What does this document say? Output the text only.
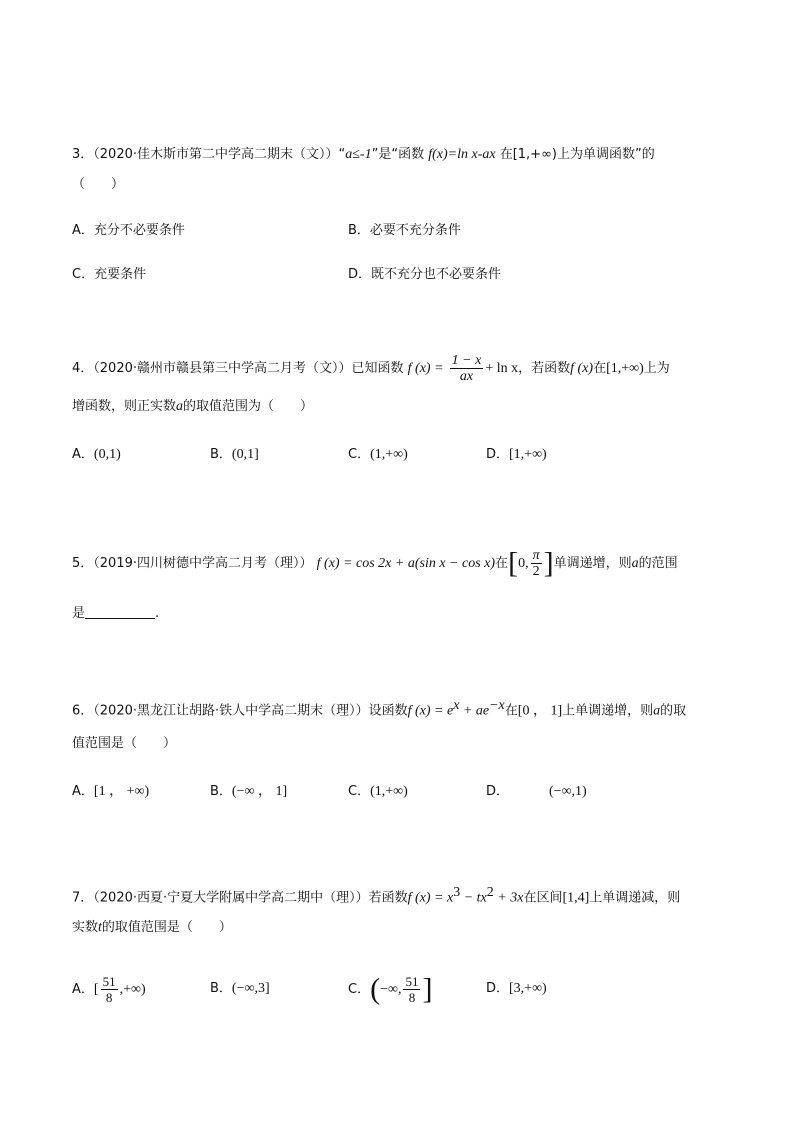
3．（2020·佳木斯市第二中学高二期末（文））“a≤-1”是“函数 f(x)=ln x-ax 在[1,+∞)上为单调函数”的
（　　）
A．充分不必要条件	B．必要不充分条件
C．充要条件	D．既不充分也不必要条件
4．（2020·赣州市赣县第三中学高二月考（文））已知函数 f $(x) = \frac{1 - x}{ax} + \ln x$，若函数f (x)在[1,+∞)上为
增函数，则正实数a的取值范围为（　　）
A．(0,1)	B．(0,1]	C．(1,+∞)	D．[1,+∞)
5．（2019·四川树德中学高二月考（理）） f (x) = cos 2x + a(sin x − cos x)在[0, $\frac{\pi}{2}$ ]单调递增，则a的范围
是	.
6．（2020·黑龙江让胡路·铁人中学高二期末（理））设函数f $(x) = e^x + ae^{-x}$在[0 ， 1]上单调递增，则a的取
值范围是（　　）
A．[1 ， +∞)	B．(−∞ ， 1]	C．(1,+∞)	D．	(−∞,1)
7．（2020·西夏·宁夏大学附属中学高二期中（理））若函数f $(x) = x^3 - tx^2 + 3x$在区间[1,4]上单调递减，则
实数t的取值范围是（　　）
A．[ $\frac{51}{8}$ ,+∞)	B．(−∞,3]	C．(−∞, $\frac{51}{8}$ ]	D．[3,+∞)
